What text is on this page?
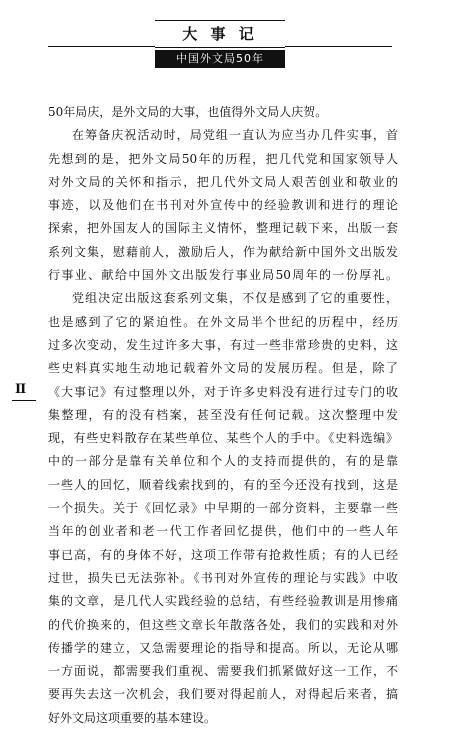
大 事 记
中国外文局50年
II
50年局庆，是外文局的大事，也值得外文局人庆贺。
在筹备庆祝活动时，局党组一直认为应当办几件实事，首
先想到的是，把外文局50年的历程，把几代党和国家领导人
对外文局的关怀和指示，把几代外文局人艰苦创业和敬业的
事迹，以及他们在书刊对外宣传中的经验教训和进行的理论
探索，把外国友人的国际主义情怀，整理记载下来，出版一套
系列文集，慰藉前人，激励后人，作为献给新中国外文出版发
行事业、献给中国外文出版发行事业局50周年的一份厚礼。
党组决定出版这套系列文集，不仅是感到了它的重要性，
也是感到了它的紧迫性。在外文局半个世纪的历程中，经历
过多次变动，发生过许多大事，有过一些非常珍贵的史料，这
些史料真实地生动地记载着外文局的发展历程。但是，除了
《大事记》有过整理以外，对于许多史料没有进行过专门的收
集整理，有的没有档案，甚至没有任何记载。这次整理中发
现，有些史料散存在某些单位、某些个人的手中。《史料选编》
中的一部分是靠有关单位和个人的支持而提供的，有的是靠
一些人的回忆，顺着线索找到的，有的至今还没有找到，这是
一个损失。关于《回忆录》中早期的一部分资料，主要靠一些
当年的创业者和老一代工作者回忆提供，他们中的一些人年
事已高，有的身体不好，这项工作带有抢救性质；有的人已经
过世，损失已无法弥补。《书刊对外宣传的理论与实践》中收
集的文章，是几代人实践经验的总结，有些经验教训是用惨痛
的代价换来的，但这些文章长年散落各处，我们的实践和对外
传播学的建立，又急需要理论的指导和提高。所以，无论从哪
一方面说，都需要我们重视、需要我们抓紧做好这一工作，不
要再失去这一次机会，我们要对得起前人，对得起后来者，搞
好外文局这项重要的基本建设。
